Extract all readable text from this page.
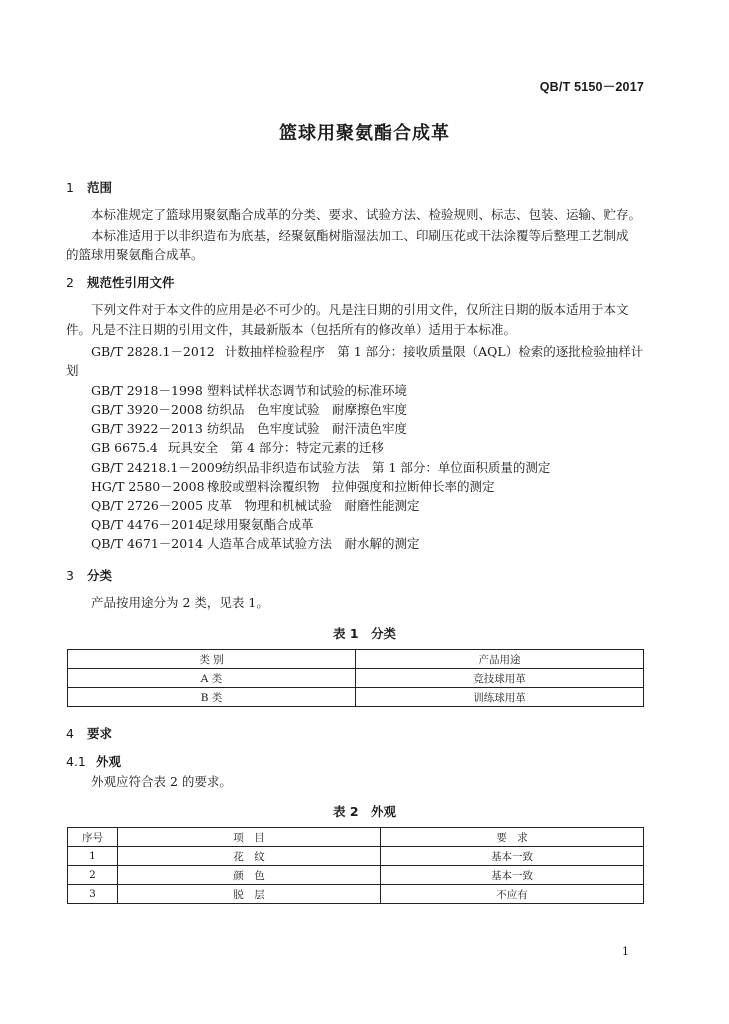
QB/T 5150－2017
篮球用聚氨酯合成革
1 范围
本标准规定了篮球用聚氨酯合成革的分类、要求、试验方法、检验规则、标志、包装、运输、贮存。
本标准适用于以非织造布为底基，经聚氨酯树脂湿法加工、印刷压花或干法涂覆等后整理工艺制成
的篮球用聚氨酯合成革。
2 规范性引用文件
下列文件对于本文件的应用是必不可少的。凡是注日期的引用文件，仅所注日期的版本适用于本文
件。凡是不注日期的引用文件，其最新版本（包括所有的修改单）适用于本标准。
GB/T 2828.1－2012 计数抽样检验程序　第 1 部分：接收质量限（AQL）检索的逐批检验抽样计
划
GB/T 2918－1998 塑料试样状态调节和试验的标准环境
GB/T 3920－2008 纺织品　色牢度试验　耐摩擦色牢度
GB/T 3922－2013 纺织品　色牢度试验　耐汗渍色牢度
GB 6675.4 玩具安全　第 4 部分：特定元素的迁移
GB/T 24218.1－2009纺织品非织造布试验方法　第 1 部分：单位面积质量的测定
HG/T 2580－2008 橡胶或塑料涂覆织物　拉伸强度和拉断伸长率的测定
QB/T 2726－2005 皮革　物理和机械试验　耐磨性能测定
QB/T 4476－2014足球用聚氨酯合成革
QB/T 4671－2014 人造革合成革试验方法　耐水解的测定
3 分类
产品按用途分为 2 类，见表 1。
表 1　分类
类 别	产品用途
A 类	竞技球用革
B 类	训练球用革
4 要求
4.1 外观
外观应符合表 2 的要求。
表 2　外观
序号	项　目	要　求
1	花　纹	基本一致
2	颜　色	基本一致
3	脱　层	不应有
1
